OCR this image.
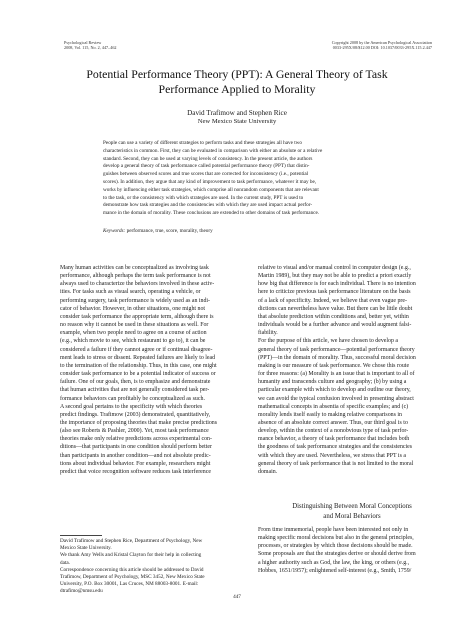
Psychological Review
2008, Vol. 115, No. 2, 447–462
Copyright 2008 by the American Psychological Association
0033-295X/08/$12.00 DOI: 10.1037/0033-295X.115.2.447
Potential Performance Theory (PPT): A General Theory of Task
Performance Applied to Morality
David Trafimow and Stephen Rice
New Mexico State University
People can use a variety of different strategies to perform tasks and these strategies all have two
characteristics in common. First, they can be evaluated in comparison with either an absolute or a relative
standard. Second, they can be used at varying levels of consistency. In the present article, the authors
develop a general theory of task performance called potential performance theory (PPT) that distin-
guishes between observed scores and true scores that are corrected for inconsistency (i.e., potential
scores). In addition, they argue that any kind of improvement to task performance, whatever it may be,
works by influencing either task strategies, which comprise all nonrandom components that are relevant
to the task, or the consistency with which strategies are used. In the current study, PPT is used to
demonstrate how task strategies and the consistencies with which they are used impact actual perfor-
mance in the domain of morality. These conclusions are extended to other domains of task performance.
Keywords: performance, true, score, morality, theory
Many human activities can be conceptualized as involving task
performance, although perhaps the term task performance is not
always used to characterize the behaviors involved in these activ-
ities. For tasks such as visual search, operating a vehicle, or
performing surgery, task performance is widely used as an indi-
cator of behavior. However, in other situations, one might not
consider task performance the appropriate term, although there is
no reason why it cannot be used in these situations as well. For
example, when two people need to agree on a course of action
(e.g., which movie to see, which restaurant to go to), it can be
considered a failure if they cannot agree or if continual disagree-
ment leads to stress or dissent. Repeated failures are likely to lead
to the termination of the relationship. Thus, in this case, one might
consider task performance to be a potential indicator of success or
failure. One of our goals, then, is to emphasize and demonstrate
that human activities that are not generally considered task per-
formance behaviors can profitably be conceptualized as such.
A second goal pertains to the specificity with which theories
predict findings. Trafimow (2003) demonstrated, quantitatively,
the importance of proposing theories that make precise predictions
(also see Roberts & Pashler, 2000). Yet, most task performance
theories make only relative predictions across experimental con-
ditions—that participants in one condition should perform better
than participants in another condition—and not absolute predic-
tions about individual behavior. For example, researchers might
predict that voice recognition software reduces task interference
relative to visual and/or manual control in computer design (e.g.,
Martin 1989), but they may not be able to predict a priori exactly
how big that difference is for each individual. There is no intention
here to criticize previous task performance literature on the basis
of a lack of specificity. Indeed, we believe that even vague pre-
dictions can nevertheless have value. But there can be little doubt
that absolute prediction within conditions and, better yet, within
individuals would be a further advance and would augment falsi-
fiability.
For the purpose of this article, we have chosen to develop a
general theory of task performance—potential performance theory
(PPT)—in the domain of morality. Thus, successful moral decision
making is our measure of task performance. We chose this route
for three reasons: (a) Morality is an issue that is important to all of
humanity and transcends culture and geography; (b) by using a
particular example with which to develop and outline our theory,
we can avoid the typical confusion involved in presenting abstract
mathematical concepts in absentia of specific examples; and (c)
morality lends itself easily to making relative comparisons in
absence of an absolute correct answer. Thus, our third goal is to
develop, within the context of a nonobvious type of task perfor-
mance behavior, a theory of task performance that includes both
the goodness of task performance strategies and the consistencies
with which they are used. Nevertheless, we stress that PPT is a
general theory of task performance that is not limited to the moral
domain.
Distinguishing Between Moral Conceptions
and Moral Behaviors
From time immemorial, people have been interested not only in
making specific moral decisions but also in the general principles,
processes, or strategies by which those decisions should be made.
Some proposals are that the strategies derive or should derive from
a higher authority such as God, the law, the king, or others (e.g.,
Hobbes, 1651/1957); enlightened self-interest (e.g., Smith, 1759/
David Trafimow and Stephen Rice, Department of Psychology, New
Mexico State University.
We thank Amy Wells and Kristal Clayton for their help in collecting
data.
Correspondence concerning this article should be addressed to David
Trafimow, Department of Psychology, MSC 3452, New Mexico State
University, P.O. Box 30001, Las Cruces, NM 88003-8001. E-mail:
dtrafimo@nmsu.edu
447
